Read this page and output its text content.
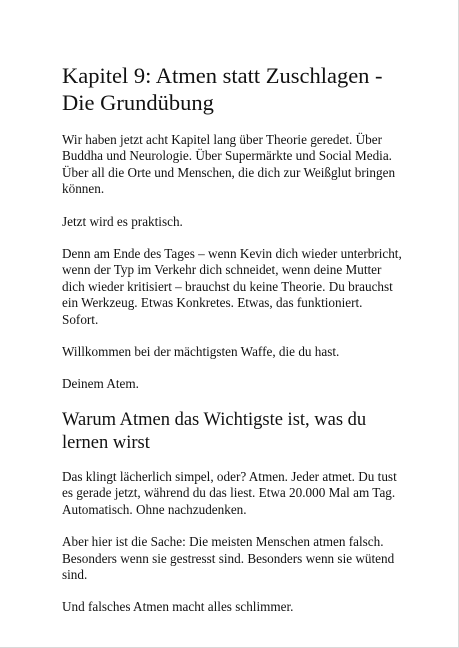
Kapitel 9: Atmen statt Zuschlagen - Die Grundübung

Wir haben jetzt acht Kapitel lang über Theorie geredet. Über Buddha und Neurologie. Über Supermärkte und Social Media. Über all die Orte und Menschen, die dich zur Weißglut bringen können.

Jetzt wird es praktisch.

Denn am Ende des Tages – wenn Kevin dich wieder unterbricht, wenn der Typ im Verkehr dich schneidet, wenn deine Mutter dich wieder kritisiert – brauchst du keine Theorie. Du brauchst ein Werkzeug. Etwas Konkretes. Etwas, das funktioniert. Sofort.

Willkommen bei der mächtigsten Waffe, die du hast.

Deinem Atem.

Warum Atmen das Wichtigste ist, was du lernen wirst

Das klingt lächerlich simpel, oder? Atmen. Jeder atmet. Du tust es gerade jetzt, während du das liest. Etwa 20.000 Mal am Tag. Automatisch. Ohne nachzudenken.

Aber hier ist die Sache: Die meisten Menschen atmen falsch. Besonders wenn sie gestresst sind. Besonders wenn sie wütend sind.

Und falsches Atmen macht alles schlimmer.
